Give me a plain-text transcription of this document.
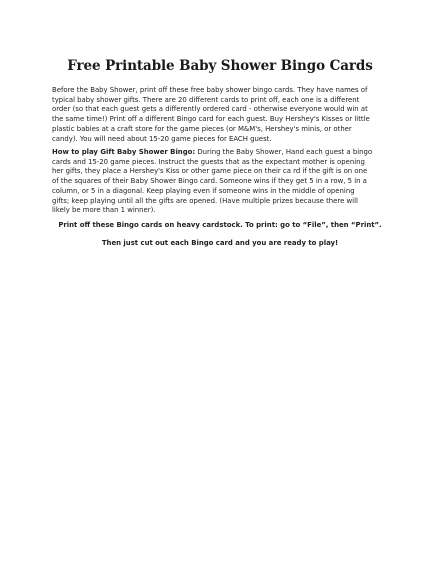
Free Printable Baby Shower Bingo Cards

Before the Baby Shower, print off these free baby shower bingo cards. They have names of
typical baby shower gifts. There are 20 different cards to print off, each one is a different
order (so that each guest gets a differently ordered card - otherwise everyone would win at
the same time!) Print off a different Bingo card for each guest. Buy Hershey's Kisses or little
plastic babies at a craft store for the game pieces (or M&M's, Hershey's minis, or other
candy). You will need about 15-20 game pieces for EACH guest.

How to play Gift Baby Shower Bingo: During the Baby Shower, Hand each guest a bingo
cards and 15-20 game pieces. Instruct the guests that as the expectant mother is opening
her gifts, they place a Hershey's Kiss or other game piece on their ca rd if the gift is on one
of the squares of their Baby Shower Bingo card. Someone wins if they get 5 in a row, 5 in a
column, or 5 in a diagonal. Keep playing even if someone wins in the middle of opening
gifts; keep playing until all the gifts are opened. (Have multiple prizes because there will
likely be more than 1 winner).

Print off these Bingo cards on heavy cardstock. To print: go to “File”, then “Print”.

Then just cut out each Bingo card and you are ready to play!
